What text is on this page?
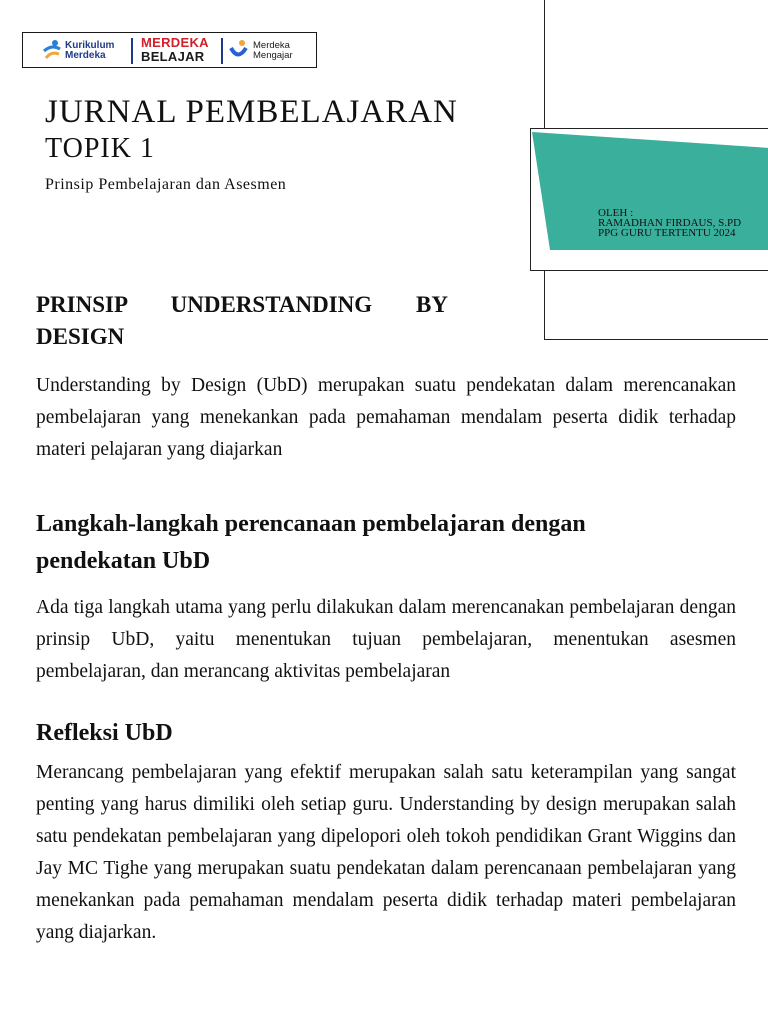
Kurikulum
Merdeka
MERDEKA
BELAJAR
Merdeka
Mengajar
OLEH :
RAMADHAN FIRDAUS, S.PD
PPG GURU TERTENTU 2024
JURNAL PEMBELAJARAN
TOPIK 1
Prinsip Pembelajaran dan Asesmen
PRINSIP UNDERSTANDING BY DESIGN

Understanding by Design (UbD) merupakan suatu pendekatan dalam merencanakan pembelajaran yang menekankan pada pemahaman mendalam peserta didik terhadap materi pelajaran yang diajarkan

Langkah-langkah perencanaan pembelajaran dengan pendekatan UbD

Ada tiga langkah utama yang perlu dilakukan dalam merencanakan pembelajaran dengan prinsip UbD, yaitu menentukan tujuan pembelajaran, menentukan asesmen pembelajaran, dan merancang aktivitas pembelajaran

Refleksi UbD

Merancang pembelajaran yang efektif merupakan salah satu keterampilan yang sangat penting yang harus dimiliki oleh setiap guru. Understanding by design merupakan salah satu pendekatan pembelajaran yang dipelopori oleh tokoh pendidikan Grant Wiggins dan Jay MC Tighe yang merupakan suatu pendekatan dalam perencanaan pembelajaran yang menekankan pada pemahaman mendalam peserta didik terhadap materi pembelajaran yang diajarkan.
